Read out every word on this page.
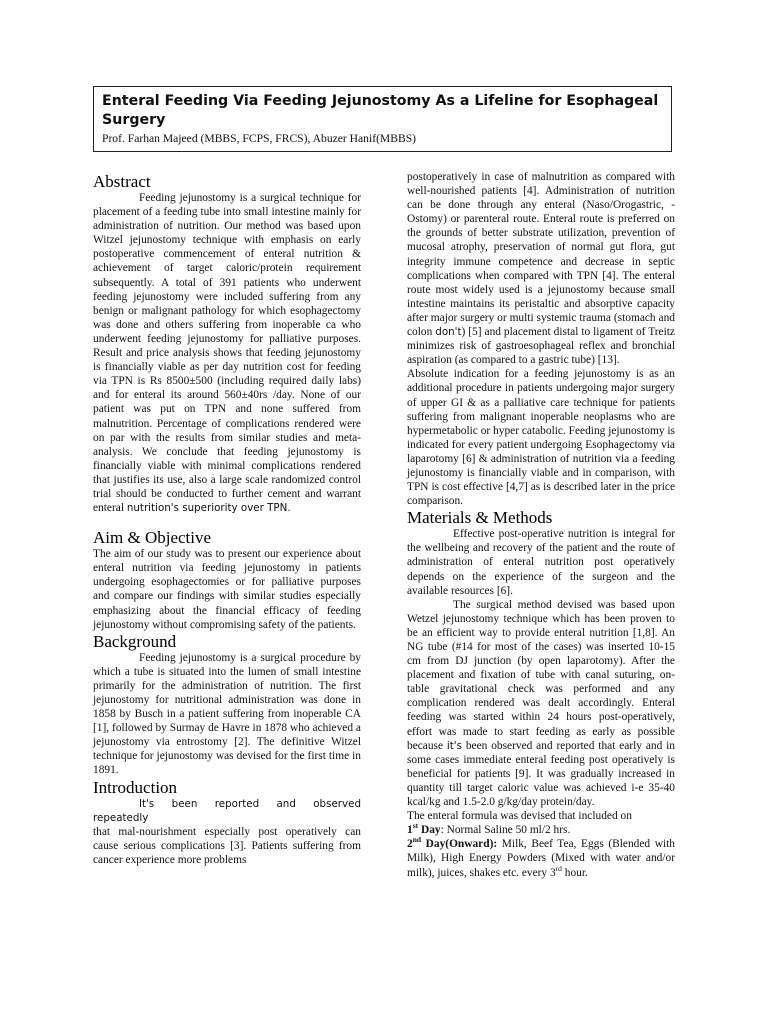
Enteral Feeding Via Feeding Jejunostomy As a Lifeline for Esophageal Surgery
Prof. Farhan Majeed (MBBS, FCPS, FRCS), Abuzer Hanif(MBBS)
Abstract

Feeding jejunostomy is a surgical technique for placement of a feeding tube into small intestine mainly for administration of nutrition. Our method was based upon Witzel jejunostomy technique with emphasis on early postoperative commencement of enteral nutrition & achievement of target caloric/protein requirement subsequently. A total of 391 patients who underwent feeding jejunostomy were included suffering from any benign or malignant pathology for which esophagectomy was done and others suffering from inoperable ca who underwent feeding jejunostomy for palliative purposes. Result and price analysis shows that feeding jejunostomy is financially viable as per day nutrition cost for feeding via TPN is Rs 8500±500 (including required daily labs) and for enteral its around 560±40rs /day. None of our patient was put on TPN and none suffered from malnutrition. Percentage of complications rendered were on par with the results from similar studies and meta-analysis. We conclude that feeding jejunostomy is financially viable with minimal complications rendered that justifies its use, also a large scale randomized control trial should be conducted to further cement and warrant enteral nutrition's superiority over TPN.

Aim & Objective

The aim of our study was to present our experience about enteral nutrition via feeding jejunostomy in patients undergoing esophagectomies or for palliative purposes and compare our findings with similar studies especially emphasizing about the financial efficacy of feeding jejunostomy without compromising safety of the patients.

Background

Feeding jejunostomy is a surgical procedure by which a tube is situated into the lumen of small intestine primarily for the administration of nutrition. The first jejunostomy for nutritional administration was done in 1858 by Busch in a patient suffering from inoperable CA [1], followed by Surmay de Havre in 1878 who achieved a jejunostomy via entrostomy [2]. The definitive Witzel technique for jejunostomy was devised for the first time in 1891.

Introduction

It's been reported and observed repeatedly

that mal-nourishment especially post operatively can cause serious complications [3]. Patients suffering from cancer experience more problems

postoperatively in case of malnutrition as compared with well-nourished patients [4]. Administration of nutrition can be done through any enteral (Naso/Orogastric, -Ostomy) or parenteral route. Enteral route is preferred on the grounds of better substrate utilization, prevention of mucosal atrophy, preservation of normal gut flora, gut integrity immune competence and decrease in septic complications when compared with TPN [4]. The enteral route most widely used is a jejunostomy because small intestine maintains its peristaltic and absorptive capacity after major surgery or multi systemic trauma (stomach and colon don't) [5] and placement distal to ligament of Treitz minimizes risk of gastroesophageal reflex and bronchial aspiration (as compared to a gastric tube) [13].

Absolute indication for a feeding jejunostomy is as an additional procedure in patients undergoing major surgery of upper GI & as a palliative care technique for patients suffering from malignant inoperable neoplasms who are hypermetabolic or hyper catabolic. Feeding jejunostomy is indicated for every patient undergoing Esophagectomy via laparotomy [6] & administration of nutrition via a feeding jejunostomy is financially viable and in comparison, with TPN is cost effective [4,7] as is described later in the price comparison.

Materials & Methods

Effective post-operative nutrition is integral for the wellbeing and recovery of the patient and the route of administration of enteral nutrition post operatively depends on the experience of the surgeon and the available resources [6].

The surgical method devised was based upon Wetzel jejunostomy technique which has been proven to be an efficient way to provide enteral nutrition [1,8]. An NG tube (#14 for most of the cases) was inserted 10-15 cm from DJ junction (by open laparotomy). After the placement and fixation of tube with canal suturing, on-table gravitational check was performed and any complication rendered was dealt accordingly. Enteral feeding was started within 24 hours post-operatively, effort was made to start feeding as early as possible because it's been observed and reported that early and in some cases immediate enteral feeding post operatively is beneficial for patients [9]. It was gradually increased in quantity till target caloric value was achieved i-e 35-40 kcal/kg and 1.5-2.0 g/kg/day protein/day.

The enteral formula was devised that included on

1st Day: Normal Saline 50 ml/2 hrs.

2nd Day(Onward): Milk, Beef Tea, Eggs (Blended with Milk), High Energy Powders (Mixed with water and/or milk), juices, shakes etc. every 3rd hour.
